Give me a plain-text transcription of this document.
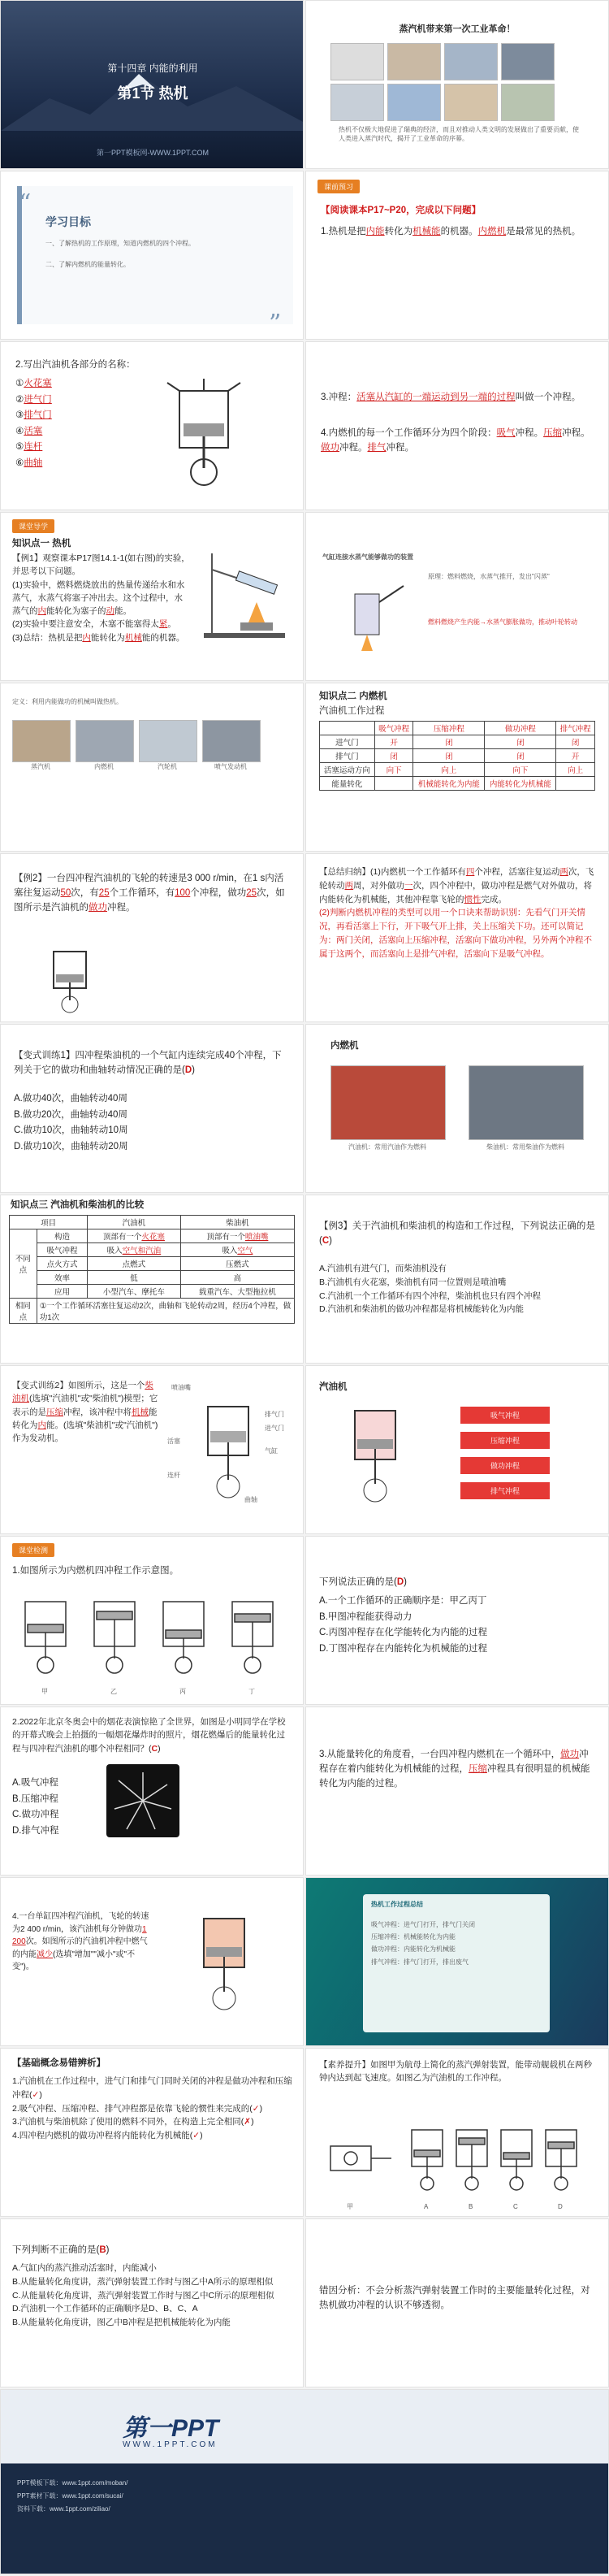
第十四章 内能的利用
第1节 热机
第一PPT模板网-WWW.1PPT.COM
蒸汽机带来第一次工业革命！
热机不仅极大地促进了瑞典的经济，而且对推动人类文明的发展做出了重要贡献，使人类进入蒸汽时代，揭开了工业革命的序幕。
“
学习目标
一、了解热机的工作原理，知道内燃机的四个冲程。
二、了解内燃机的能量转化。
”
课前预习
【阅读课本P17~P20，完成以下问题】
1.热机是把内能转化为机械能的机器。内燃机是最常见的热机。
2.写出汽油机各部分的名称：
①火花塞
②进气门
③排气门
④活塞
⑤连杆
⑥曲轴
3.冲程：活塞从汽缸的一端运动到另一端的过程叫做一个冲程。
4.内燃机的每一个工作循环分为四个阶段：吸气冲程。压缩冲程。做功冲程。排气冲程。
课堂导学
知识点一 热机
【例1】观察课本P17图14.1-1(如右图)的实验，并思考以下问题。
(1)实验中，燃料燃烧放出的热量传递给水和水蒸气，水蒸气将塞子冲出去。这个过程中，水蒸气的内能转化为塞子的动能。
(2)实验中要注意安全，木塞不能塞得太紧。
(3)总结：热机是把内能转化为机械能的机器。
气缸连接水蒸气能够做功的装置
原理：燃料燃烧，水蒸气推开，发出"闪蒸"
燃料燃烧产生内能→水蒸气膨胀做功，推动叶轮转动
定义：利用内能做功的机械叫做热机。
蒸汽机	内燃机	汽轮机	喷气发动机
知识点二 内燃机
汽油机工作过程
	吸气冲程	压缩冲程	做功冲程	排气冲程
进气门	开	闭	闭	闭
排气门	闭	闭	闭	开
活塞运动方向	向下	向上	向下	向上
能量转化		机械能转化为内能	内能转化为机械能	
【例2】一台四冲程汽油机的飞轮的转速是3 000 r/min，在1 s内活塞往复运动50次，有25个工作循环，有100个冲程，做功25次，如图所示是汽油机的做功冲程。
【总结归纳】(1)内燃机一个工作循环有四个冲程，活塞往复运动两次，飞轮转动两周，对外做功一次，四个冲程中，做功冲程是燃气对外做功，将内能转化为机械能，其他冲程靠飞轮的惯性完成。
(2)判断内燃机冲程的类型可以用一个口诀来帮助识别：先看气门开关情况，再看活塞上下行，开下吸气开上排，关上压缩关下功。还可以简记为：两门关闭，活塞向上压缩冲程，活塞向下做功冲程，另外两个冲程不属于这两个，而活塞向上是排气冲程，活塞向下是吸气冲程。
【变式训练1】四冲程柴油机的一个气缸内连续完成40个冲程，下列关于它的做功和曲轴转动情况正确的是(D)
A.做功40次，曲轴转动40周
B.做功20次，曲轴转动40周
C.做功10次，曲轴转动10周
D.做功10次，曲轴转动20周
内燃机
汽油机：常用汽油作为燃料	柴油机：常用柴油作为燃料
知识点三 汽油机和柴油机的比较
项目		汽油机	柴油机
不同点	构造	顶部有一个火花塞	顶部有一个喷油嘴
	吸气冲程	吸入空气和汽油	吸入空气
	点火方式	点燃式	压燃式
	效率	低	高
	应用	小型汽车、摩托车	载重汽车、大型拖拉机
相同点	①一个工作循环活塞往复运动2次，曲轴和飞轮转动2周，经历4个冲程，做功1次		
【例3】关于汽油机和柴油机的构造和工作过程，下列说法正确的是(C)
A.汽油机有进气门，而柴油机没有
B.汽油机有火花塞，柴油机有同一位置则是喷油嘴
C.汽油机一个工作循环有四个冲程，柴油机也只有四个冲程
D.汽油机和柴油机的做功冲程都是将机械能转化为内能
【变式训练2】如图所示，这是一个柴油机(选填"汽油机"或"柴油机")模型；它表示的是压缩冲程，该冲程中将机械能转化为内能。(选填"柴油机"或"汽油机")作为发动机。
喷油嘴
活塞
排气门
进气门
气缸
连杆
曲轴
汽油机
吸气冲程
压缩冲程
做功冲程
排气冲程
课堂检测
1.如图所示为内燃机四冲程工作示意图。
甲	乙	丙	丁
下列说法正确的是(D)
A.一个工作循环的正确顺序是：甲乙丙丁
B.甲图冲程能获得动力
C.丙图冲程存在化学能转化为内能的过程
D.丁图冲程存在内能转化为机械能的过程
2.2022年北京冬奥会中的烟花表演惊艳了全世界，如图是小明同学在学校的开幕式晚会上拍摄的一幅烟花爆炸时的照片，烟花燃爆后的能量转化过程与四冲程汽油机的哪个冲程相同？(C)
A.吸气冲程
B.压缩冲程
C.做功冲程
D.排气冲程
3.从能量转化的角度看，一台四冲程内燃机在一个循环中，做功冲程存在着内能转化为机械能的过程，压缩冲程具有很明显的机械能转化为内能的过程。
4.一台单缸四冲程汽油机，飞轮的转速为2 400 r/min，该汽油机每分钟做功1 200次。如图所示的汽油机冲程中燃气的内能减少(选填"增加""减小"或"不变")。
热机工作过程总结
吸气冲程：进气门打开，排气门关闭
压缩冲程：机械能转化为内能
做功冲程：内能转化为机械能
排气冲程：排气门打开，排出废气
【基础概念易错辨析】
1.汽油机在工作过程中，进气门和排气门同时关闭的冲程是做功冲程和压缩冲程(✓)
2.吸气冲程、压缩冲程、排气冲程都是依靠飞轮的惯性来完成的(✓)
3.汽油机与柴油机除了使用的燃料不同外，在构造上完全相同(✗)
4.四冲程内燃机的做功冲程将内能转化为机械能(✓)
【素养提升】如图甲为航母上简化的蒸汽弹射装置，能带动舰载机在两秒钟内达到起飞速度。如图乙为汽油机的工作冲程。
甲	A	B	C	D
下列判断不正确的是(B)
A.气缸内的蒸汽推动活塞时，内能减小
B.从能量转化角度讲，蒸汽弹射装置工作时与图乙中A所示的原理相似
C.从能量转化角度讲，蒸汽弹射装置工作时与图乙中C所示的原理相似
D.汽油机一个工作循环的正确顺序是D、B、C、A
B.从能量转化角度讲，图乙中B冲程是把机械能转化为内能
错因分析：不会分析蒸汽弹射装置工作时的主要能量转化过程，对热机做功冲程的认识不够透彻。
第一PPT
WWW.1PPT.COM
PPT模板下载：www.1ppt.com/moban/
PPT素材下载：www.1ppt.com/sucai/
资料下载：www.1ppt.com/ziliao/
